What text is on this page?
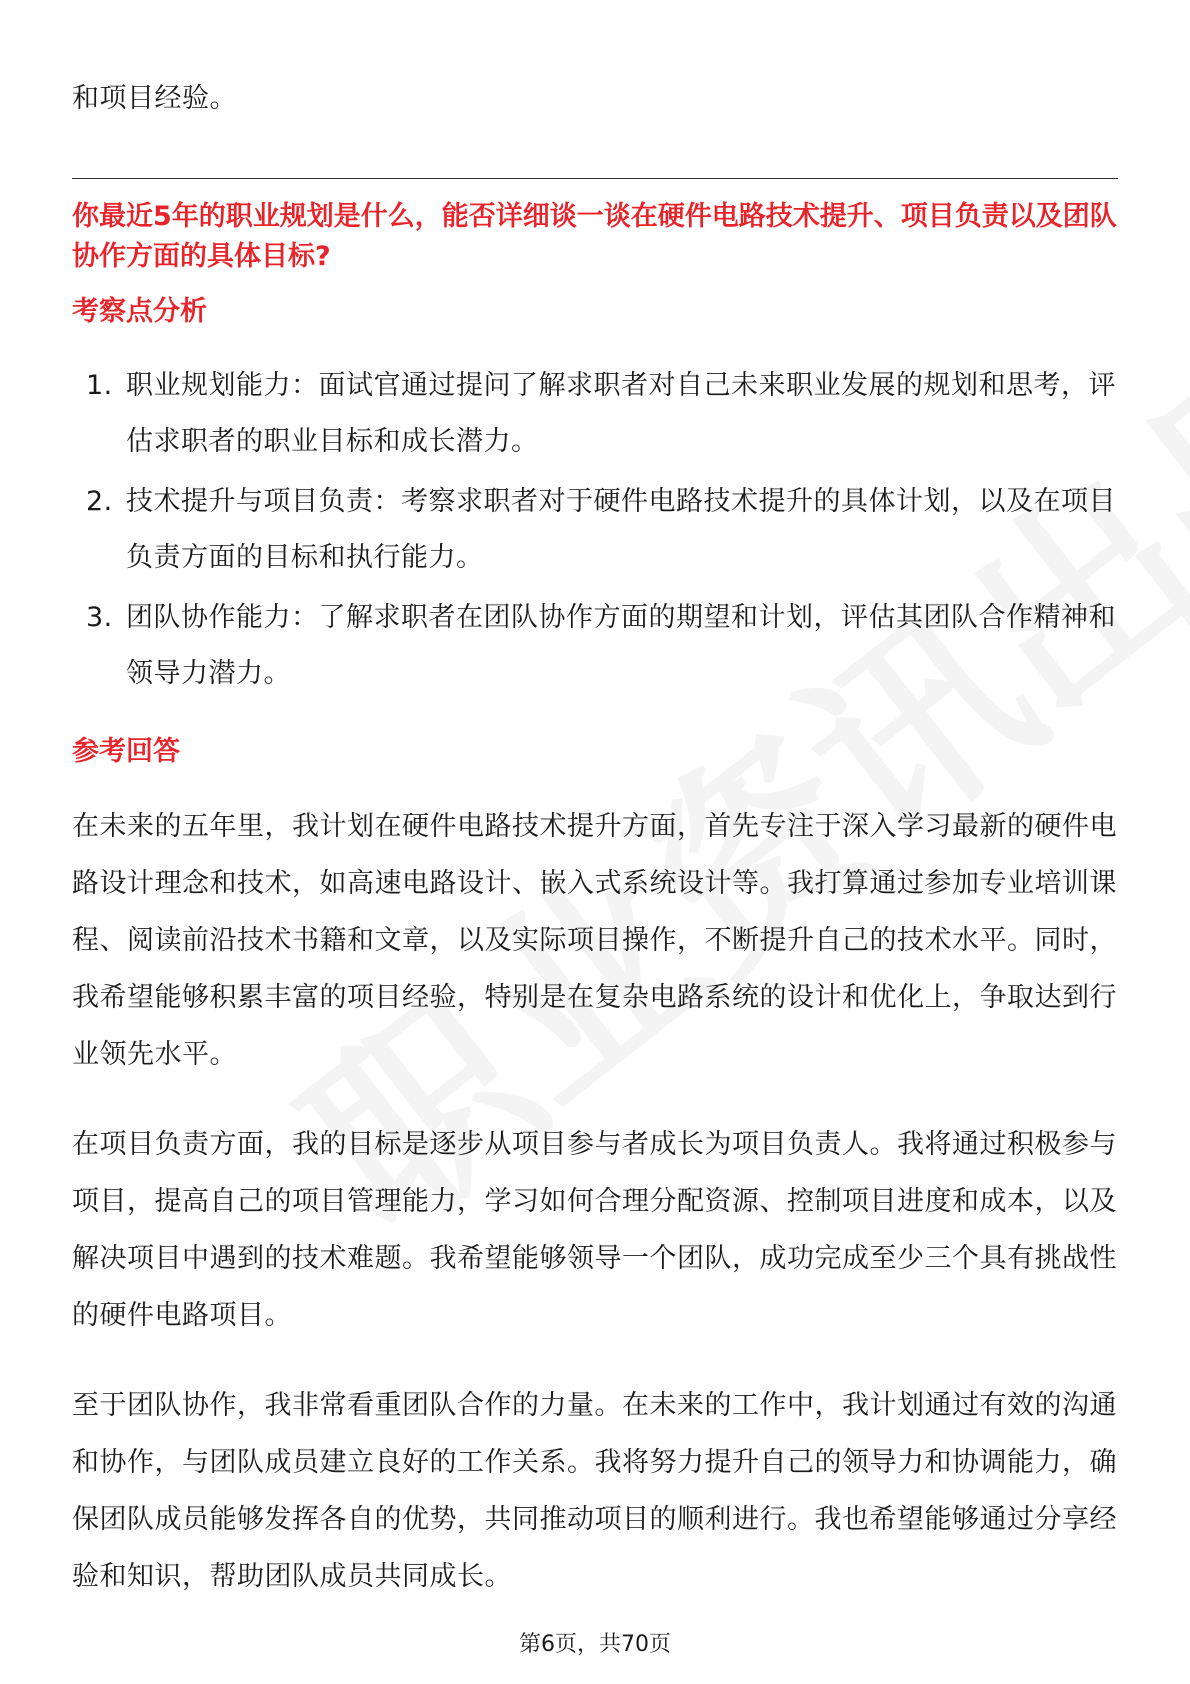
和项目经验。

你最近5年的职业规划是什么，能否详细谈一谈在硬件电路技术提升、项目负责以及团队协作方面的具体目标?

考察点分析

1. 职业规划能力：面试官通过提问了解求职者对自己未来职业发展的规划和思考，评估求职者的职业目标和成长潜力。
2. 技术提升与项目负责：考察求职者对于硬件电路技术提升的具体计划，以及在项目负责方面的目标和执行能力。
3. 团队协作能力：了解求职者在团队协作方面的期望和计划，评估其团队合作精神和领导力潜力。

参考回答

在未来的五年里，我计划在硬件电路技术提升方面，首先专注于深入学习最新的硬件电路设计理念和技术，如高速电路设计、嵌入式系统设计等。我打算通过参加专业培训课程、阅读前沿技术书籍和文章，以及实际项目操作，不断提升自己的技术水平。同时，我希望能够积累丰富的项目经验，特别是在复杂电路系统的设计和优化上，争取达到行业领先水平。

在项目负责方面，我的目标是逐步从项目参与者成长为项目负责人。我将通过积极参与项目，提高自己的项目管理能力，学习如何合理分配资源、控制项目进度和成本，以及解决项目中遇到的技术难题。我希望能够领导一个团队，成功完成至少三个具有挑战性的硬件电路项目。

至于团队协作，我非常看重团队合作的力量。在未来的工作中，我计划通过有效的沟通和协作，与团队成员建立良好的工作关系。我将努力提升自己的领导力和协调能力，确保团队成员能够发挥各自的优势，共同推动项目的顺利进行。我也希望能够通过分享经验和知识，帮助团队成员共同成长。

第6页，共70页
